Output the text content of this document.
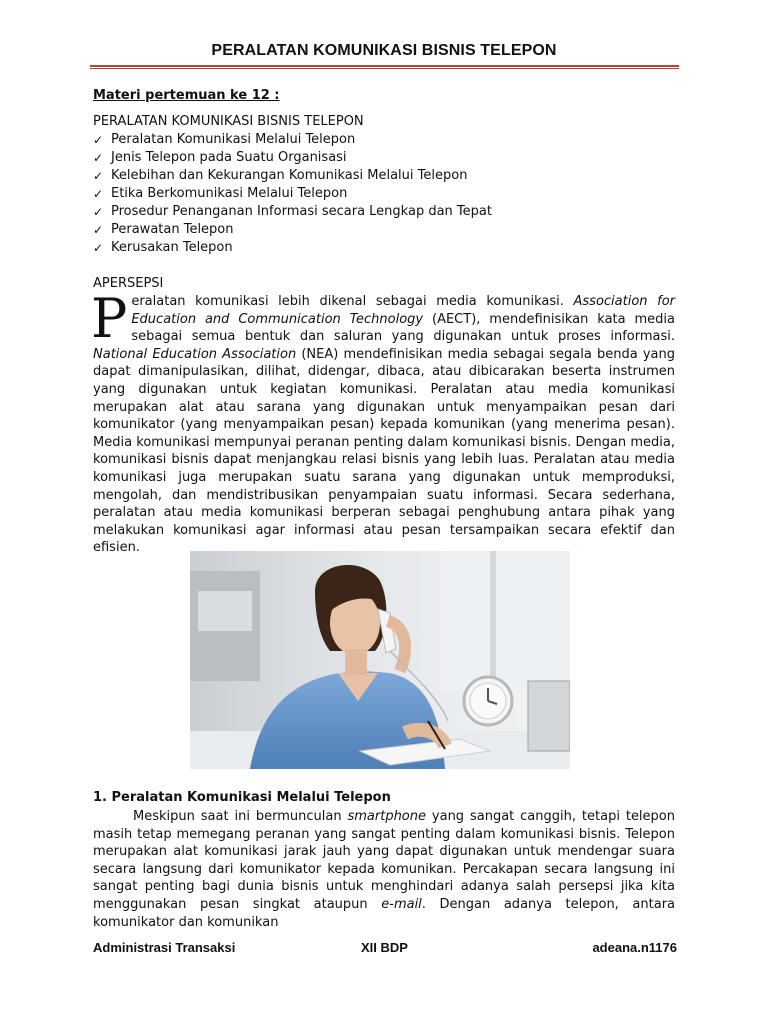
PERALATAN KOMUNIKASI BISNIS TELEPON
Materi pertemuan ke 12 :
PERALATAN KOMUNIKASI BISNIS TELEPON
✓ Peralatan Komunikasi Melalui Telepon
✓ Jenis Telepon pada Suatu Organisasi
✓ Kelebihan dan Kekurangan Komunikasi Melalui Telepon
✓ Etika Berkomunikasi Melalui Telepon
✓ Prosedur Penanganan Informasi secara Lengkap dan Tepat
✓ Perawatan Telepon
✓ Kerusakan Telepon
APERSEPSI

Peralatan komunikasi lebih dikenal sebagai media komunikasi. Association for Education and Communication Technology (AECT), mendefinisikan kata media sebagai semua bentuk dan saluran yang digunakan untuk proses informasi. National Education Association (NEA) mendefinisikan media sebagai segala benda yang dapat dimanipulasikan, dilihat, didengar, dibaca, atau dibicarakan beserta instrumen yang digunakan untuk kegiatan komunikasi. Peralatan atau media komunikasi merupakan alat atau sarana yang digunakan untuk menyampaikan pesan dari komunikator (yang menyampaikan pesan) kepada komunikan (yang menerima pesan). Media komunikasi mempunyai peranan penting dalam komunikasi bisnis. Dengan media, komunikasi bisnis dapat menjangkau relasi bisnis yang lebih luas. Peralatan atau media komunikasi juga merupakan suatu sarana yang digunakan untuk memproduksi, mengolah, dan mendistribusikan penyampaian suatu informasi. Secara sederhana, peralatan atau media komunikasi berperan sebagai penghubung antara pihak yang melakukan komunikasi agar informasi atau pesan tersampaikan secara efektif dan efisien.

1. Peralatan Komunikasi Melalui Telepon

Meskipun saat ini bermunculan smartphone yang sangat canggih, tetapi telepon masih tetap memegang peranan yang sangat penting dalam komunikasi bisnis. Telepon merupakan alat komunikasi jarak jauh yang dapat digunakan untuk mendengar suara secara langsung dari komunikator kepada komunikan. Percakapan secara langsung ini sangat penting bagi dunia bisnis untuk menghindari adanya salah persepsi jika kita menggunakan pesan singkat ataupun e-mail. Dengan adanya telepon, antara komunikator dan komunikan

Administrasi Transaksi	XII BDP	adeana.n1176
